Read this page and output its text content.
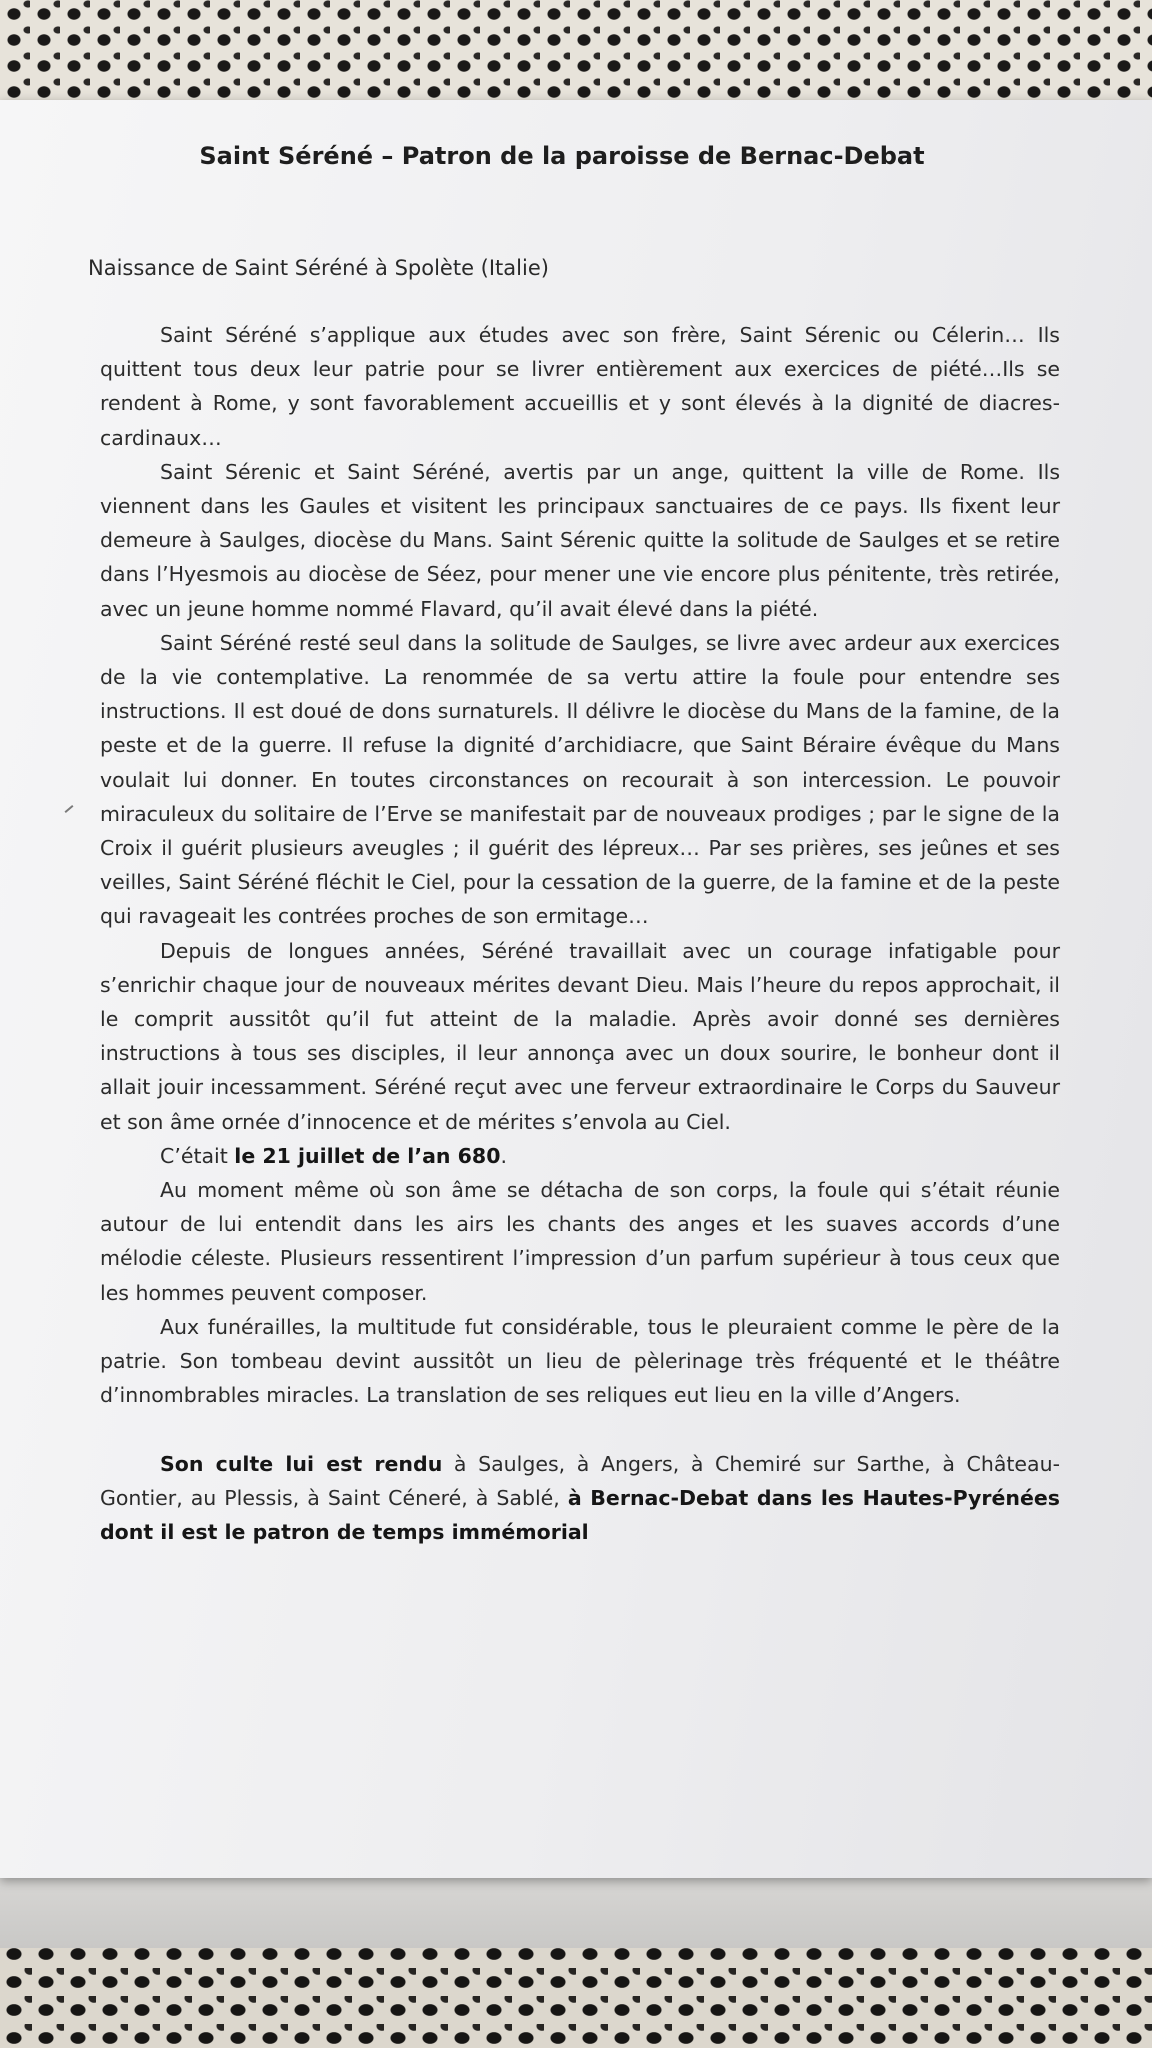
Saint Séréné – Patron de la paroisse de Bernac-Debat

Naissance de Saint Séréné à Spolète (Italie)

Saint Séréné s’applique aux études avec son frère, Saint Sérenic ou Célerin… Ils quittent tous deux leur patrie pour se livrer entièrement aux exercices de piété…Ils se rendent à Rome, y sont favorablement accueillis et y sont élevés à la dignité de diacres-cardinaux…

Saint Sérenic et Saint Séréné, avertis par un ange, quittent la ville de Rome. Ils viennent dans les Gaules et visitent les principaux sanctuaires de ce pays. Ils fixent leur demeure à Saulges, diocèse du Mans. Saint Sérenic quitte la solitude de Saulges et se retire dans l’Hyesmois au diocèse de Séez, pour mener une vie encore plus pénitente, très retirée, avec un jeune homme nommé Flavard, qu’il avait élevé dans la piété.

Saint Séréné resté seul dans la solitude de Saulges, se livre avec ardeur aux exercices de la vie contemplative. La renommée de sa vertu attire la foule pour entendre ses instructions. Il est doué de dons surnaturels. Il délivre le diocèse du Mans de la famine, de la peste et de la guerre. Il refuse la dignité d’archidiacre, que Saint Béraire évêque du Mans voulait lui donner. En toutes circonstances on recourait à son intercession. Le pouvoir miraculeux du solitaire de l’Erve se manifestait par de nouveaux prodiges ; par le signe de la Croix il guérit plusieurs aveugles ; il guérit des lépreux… Par ses prières, ses jeûnes et ses veilles, Saint Séréné fléchit le Ciel, pour la cessation de la guerre, de la famine et de la peste qui ravageait les contrées proches de son ermitage…

Depuis de longues années, Séréné travaillait avec un courage infatigable pour s’enrichir chaque jour de nouveaux mérites devant Dieu. Mais l’heure du repos approchait, il le comprit aussitôt qu’il fut atteint de la maladie. Après avoir donné ses dernières instructions à tous ses disciples, il leur annonça avec un doux sourire, le bonheur dont il allait jouir incessamment. Séréné reçut avec une ferveur extraordinaire le Corps du Sauveur et son âme ornée d’innocence et de mérites s’envola au Ciel.

C’était le 21 juillet de l’an 680.

Au moment même où son âme se détacha de son corps, la foule qui s’était réunie autour de lui entendit dans les airs les chants des anges et les suaves accords d’une mélodie céleste. Plusieurs ressentirent l’impression d’un parfum supérieur à tous ceux que les hommes peuvent composer.

Aux funérailles, la multitude fut considérable, tous le pleuraient comme le père de la patrie. Son tombeau devint aussitôt un lieu de pèlerinage très fréquenté et le théâtre d’innombrables miracles. La translation de ses reliques eut lieu en la ville d’Angers.

Son culte lui est rendu à Saulges, à Angers, à Chemiré sur Sarthe, à Château-Gontier, au Plessis, à Saint Céneré, à Sablé, à Bernac-Debat dans les Hautes-Pyrénées dont il est le patron de temps immémorial
